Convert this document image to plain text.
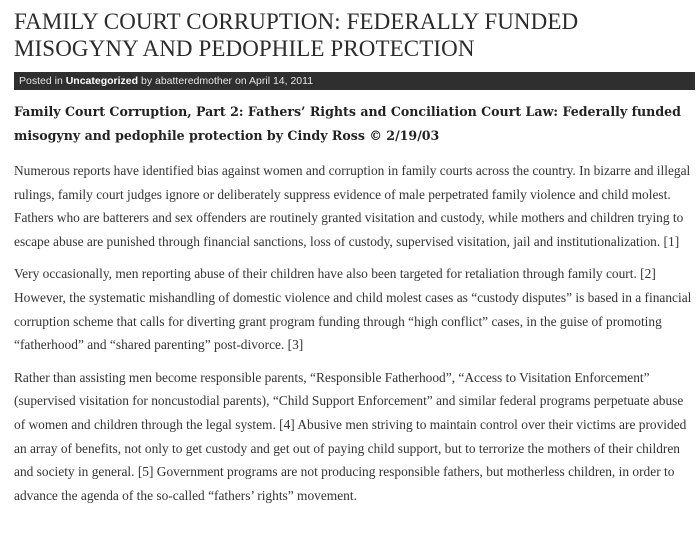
FAMILY COURT CORRUPTION: FEDERALLY FUNDED MISOGYNY AND PEDOPHILE PROTECTION
Posted in Uncategorized by abatteredmother on April 14, 2011

Family Court Corruption, Part 2: Fathers’ Rights and Conciliation Court Law: Federally funded misogyny and pedophile protection by Cindy Ross © 2/19/03

Numerous reports have identified bias against women and corruption in family courts across the country. In bizarre and illegal rulings, family court judges ignore or deliberately suppress evidence of male perpetrated family violence and child molest. Fathers who are batterers and sex offenders are routinely granted visitation and custody, while mothers and children trying to escape abuse are punished through financial sanctions, loss of custody, supervised visitation, jail and institutionalization. [1]

Very occasionally, men reporting abuse of their children have also been targeted for retaliation through family court. [2] However, the systematic mishandling of domestic violence and child molest cases as “custody disputes” is based in a financial corruption scheme that calls for diverting grant program funding through “high conflict” cases, in the guise of promoting “fatherhood” and “shared parenting” post-divorce. [3]

Rather than assisting men become responsible parents, “Responsible Fatherhood”, “Access to Visitation Enforcement” (supervised visitation for noncustodial parents), “Child Support Enforcement” and similar federal programs perpetuate abuse of women and children through the legal system. [4] Abusive men striving to maintain control over their victims are provided an array of benefits, not only to get custody and get out of paying child support, but to terrorize the mothers of their children and society in general. [5] Government programs are not producing responsible fathers, but motherless children, in order to advance the agenda of the so-called “fathers’ rights” movement.
